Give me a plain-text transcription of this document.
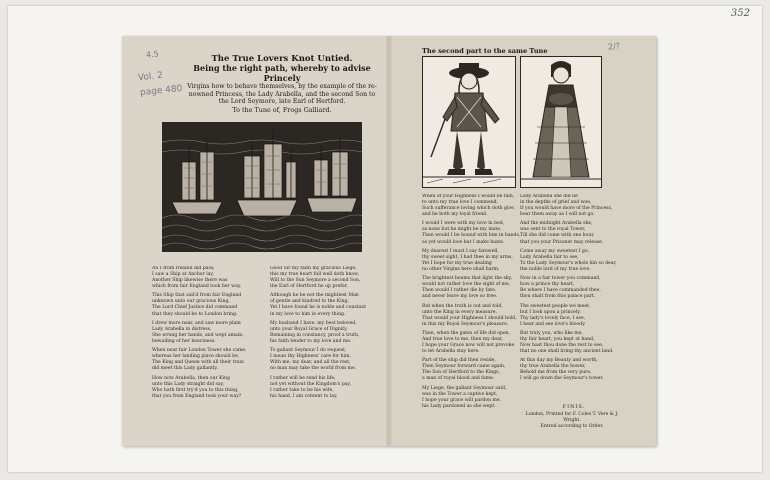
352
4.5
Vol. 2
page 480
2/?
The True Lovers Knot Untied.
Being the right path, whereby to advise Princely
Virgins how to behave themselves, by the example of the re-
nowned Princess, the Lady Arabella, and the second Son to
the Lord Seymore, late Earl of Hertford.
To the Tune of, Frogs Galliard.

AS I from Ireland did pass,

I saw a Ship at Anchor lay,

Another Ship likewise there was

which from fair England took her way.

This Ship that sail'd from fair England

unknown unto our gracious King,

The Lord Chief Justice did command

that they should be to London bring.

I drew more near, and saw more plain

Lady Arabella in distress,

She wrung her hands, and wept amain,

bewailing of her heaviness.

When near fair London Tower she came,

whereas her landing place should be,

The King and Queen with all their train

did meet this Lady gallantly.

How now Arabella, then our King

unto this Lady straight did say,

Who hath first try'd you to this thing,

that you from England took your way?

Good Sir my faith my gracious Liege,

this my true heart full well doth know,

Will to the Sun Seymore a second Son,

the Earl of Hertford he up prefer.

Although he be not the mightiest Man

of gentle and kindred to the King,

Yet I have found he is noble and constant

in my love to him in every thing.

My husband I have, my best beloved,

unto your Royal Grace of Dignity,

Remaining in constancy, proof a truth,

his faith tender to my love and me.

To gallant Seymour I do request,

I mean thy Highness' care for him,

With me, my dear, and all the rest,

no man may take the world from me.

I rather will be rend his life,

not yet without the Kingdom's pay,

I rather take to be his wife,

his hand, I am content to lay.

The second part to the same Tune

When of your Highness I would be fain,

to unto my true love I commend,

Such sufferance loving which doth give,

and he both my loyal friend.

I would I were with my love in bed,

as none but he might be my mate,

Then would I be bound with him in bands,

as yet would love but I make haste.

My dearest I must I say farewell,

thy sweet sight, I had thee in my arms,

Yet I hope for my true dealing

no other Virgins here shall harm.

The brightest beams that light the sky,

would not rather love the sight of me,

Then would I rather die by fate,

and never leave my love so free.

But when the truth is out and told,

unto the King in every measure,

That would your Highness I should hold,

in this my Royal Seymour's pleasure.

Then, when the gates of life did open,

And true love to me, then my dear,

I hope your Grace now will not provoke

to let Arabella stay here.

Part of the ship did then reside,

Then Seymour forward came again,

The Son of Hertford to the Kings,

a man of royal blood and fame.

My Liege, the gallant Seymour said,

was in the Tower a captive kept,

I hope your grace will pardon me,

his Lady pardoned as she wept.

Lady Arabella she did lie

in the depths of grief and woe,

If you would have more of the Princess,

bear them away as I will not go.

And the midnight Arabella she,

was sent to the royal Tower,

Till she did come with one hour,

that you your Prisoner may release.

Come away my sweetest I go,

Lady Arabella fair to see,

To the Lady Seymour's whole kin so dear,

the noble lord of my true love.

Now in a fair tower you command,

how a prince thy heart,

Be where I have commanded thee,

thou shalt from this palace part.

The sweetest people we meet,

but I look upon a princely,

Thy lady's lovely face, I see,

I hear and see love's bloody.

But truly you, who like me,

thy fair heart, you kept at hand,

Now hast thou done the rest to see,

that no one shall bring thy ancient land.

At this day my Beauty and worth,

thy true Arabella the bower,

Behold me from the very pure,

I will go down the Seymour's tower.

FINIS.
London, Printed for F. Coles T. Vere & J. Wright.
Entred according to Order.
